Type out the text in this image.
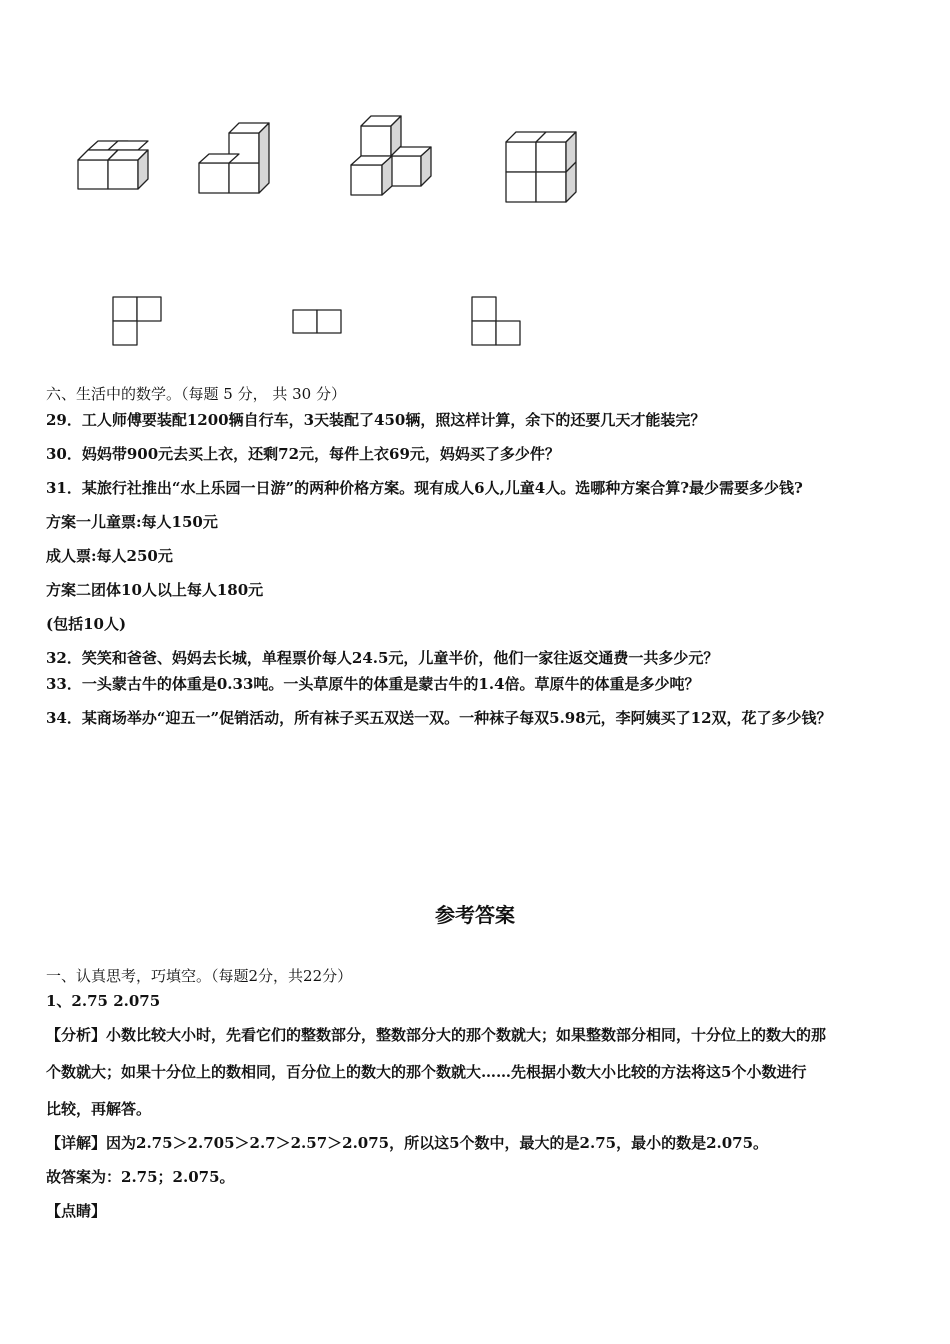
六、生活中的数学。（每题 5 分， 共 30 分）
29．工人师傅要装配1200辆自行车，3天装配了450辆，照这样计算，余下的还要几天才能装完？
30．妈妈带900元去买上衣，还剩72元，每件上衣69元，妈妈买了多少件？
31．某旅行社推出“水上乐园一日游”的两种价格方案。现有成人6人,儿童4人。选哪种方案合算?最少需要多少钱?
方案一儿童票:每人150元
成人票:每人250元
方案二团体10人以上每人180元
(包括10人)
32．笑笑和爸爸、妈妈去长城，单程票价每人24.5元，儿童半价，他们一家往返交通费一共多少元？
33．一头蒙古牛的体重是0.33吨。一头草原牛的体重是蒙古牛的1.4倍。草原牛的体重是多少吨？
34．某商场举办“迎五一”促销活动，所有袜子买五双送一双。一种袜子每双5.98元，李阿姨买了12双，花了多少钱？
参考答案
一、认真思考，巧填空。（每题2分，共22分）
1、2.75 2.075
【分析】小数比较大小时，先看它们的整数部分，整数部分大的那个数就大；如果整数部分相同，十分位上的数大的那
个数就大；如果十分位上的数相同，百分位上的数大的那个数就大……先根据小数大小比较的方法将这5个小数进行
比较，再解答。
【详解】因为2.75＞2.705＞2.7＞2.57＞2.075，所以这5个数中，最大的是2.75，最小的数是2.075。
故答案为：2.75；2.075。
【点睛】
